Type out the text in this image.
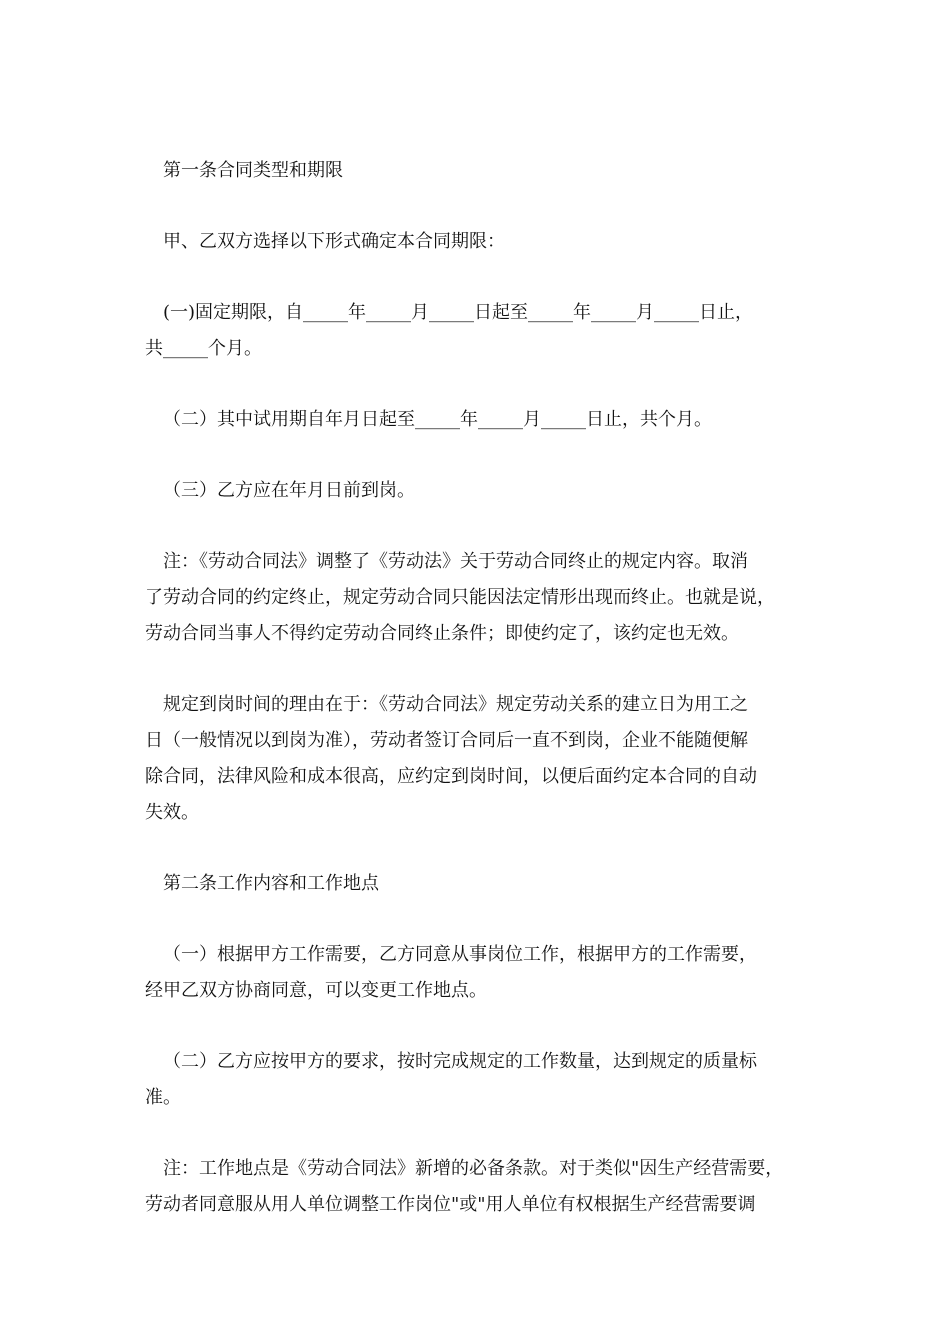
第一条合同类型和期限
甲、乙双方选择以下形式确定本合同期限：
(一)固定期限，自_____年_____月_____日起至_____年_____月_____日止，
共_____个月。
（二）其中试用期自年月日起至_____年_____月_____日止，共个月。
（三）乙方应在年月日前到岗。
注：《劳动合同法》调整了《劳动法》关于劳动合同终止的规定内容。取消
了劳动合同的约定终止，规定劳动合同只能因法定情形出现而终止。也就是说，
劳动合同当事人不得约定劳动合同终止条件；即使约定了，该约定也无效。
规定到岗时间的理由在于：《劳动合同法》规定劳动关系的建立日为用工之
日（一般情况以到岗为准），劳动者签订合同后一直不到岗，企业不能随便解
除合同，法律风险和成本很高，应约定到岗时间，以便后面约定本合同的自动
失效。
第二条工作内容和工作地点
（一）根据甲方工作需要，乙方同意从事岗位工作，根据甲方的工作需要，
经甲乙双方协商同意，可以变更工作地点。
（二）乙方应按甲方的要求，按时完成规定的工作数量，达到规定的质量标
准。
注：工作地点是《劳动合同法》新增的必备条款。对于类似"因生产经营需要，
劳动者同意服从用人单位调整工作岗位"或"用人单位有权根据生产经营需要调
